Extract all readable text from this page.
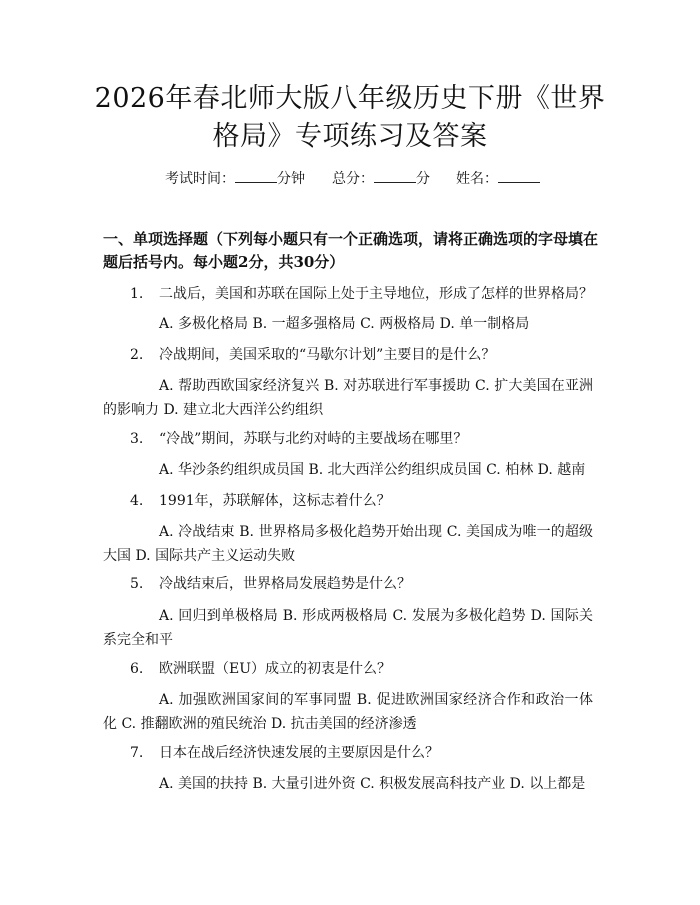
2026年春北师大版八年级历史下册《世界格局》专项练习及答案
考试时间：	分钟 总分：	分 姓名：

一、单项选择题（下列每小题只有一个正确选项，请将正确选项的字母填在题后括号内。每小题2分，共30分）

1. 二战后，美国和苏联在国际上处于主导地位，形成了怎样的世界格局？
A. 多极化格局 B. 一超多强格局 C. 两极格局 D. 单一制格局
2. 冷战期间，美国采取的“马歇尔计划”主要目的是什么？
A. 帮助西欧国家经济复兴 B. 对苏联进行军事援助 C. 扩大美国在亚洲的影响力 D. 建立北大西洋公约组织
3. “冷战”期间，苏联与北约对峙的主要战场在哪里？
A. 华沙条约组织成员国 B. 北大西洋公约组织成员国 C. 柏林 D. 越南
4. 1991年，苏联解体，这标志着什么？
A. 冷战结束 B. 世界格局多极化趋势开始出现 C. 美国成为唯一的超级大国 D. 国际共产主义运动失败
5. 冷战结束后，世界格局发展趋势是什么？
A. 回归到单极格局 B. 形成两极格局 C. 发展为多极化趋势 D. 国际关系完全和平
6. 欧洲联盟（EU）成立的初衷是什么？
A. 加强欧洲国家间的军事同盟 B. 促进欧洲国家经济合作和政治一体化 C. 推翻欧洲的殖民统治 D. 抗击美国的经济渗透
7. 日本在战后经济快速发展的主要原因是什么？
A. 美国的扶持 B. 大量引进外资 C. 积极发展高科技产业 D. 以上都是
